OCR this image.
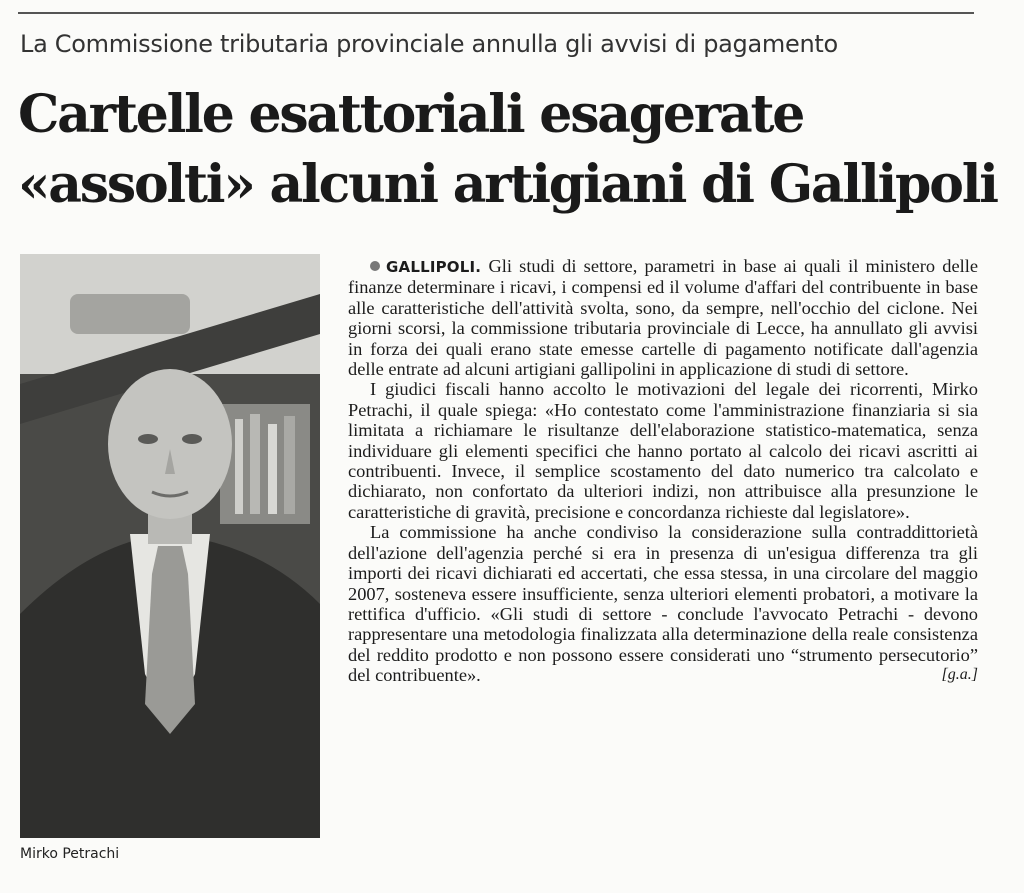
La Commissione tributaria provinciale annulla gli avvisi di pagamento
Cartelle esattoriali esagerate
«assolti» alcuni artigiani di Gallipoli
Mirko Petrachi

GALLIPOLI. Gli studi di settore, parametri in base ai quali il ministero delle finanze determinare i ricavi, i compensi ed il volume d'affari del contribuente in base alle caratteristiche dell'attività svolta, sono, da sempre, nell'occhio del ciclone. Nei giorni scorsi, la commissione tributaria provinciale di Lecce, ha annullato gli avvisi in forza dei quali erano state emesse cartelle di pagamento notificate dall'agenzia delle entrate ad alcuni artigiani gallipolini in applicazione di studi di settore.

I giudici fiscali hanno accolto le motivazioni del legale dei ricorrenti, Mirko Petrachi, il quale spiega: «Ho contestato come l'amministrazione finanziaria si sia limitata a richiamare le risultanze dell'elaborazione statistico-matematica, senza individuare gli elementi specifici che hanno portato al calcolo dei ricavi ascritti ai contribuenti. Invece, il semplice scostamento del dato numerico tra calcolato e dichiarato, non confortato da ulteriori indizi, non attribuisce alla presunzione le caratteristiche di gravità, precisione e concordanza richieste dal legislatore».

La commissione ha anche condiviso la considerazione sulla contraddittorietà dell'azione dell'agenzia perché si era in presenza di un'esigua differenza tra gli importi dei ricavi dichiarati ed accertati, che essa stessa, in una circolare del maggio 2007, sosteneva essere insufficiente, senza ulteriori elementi probatori, a motivare la rettifica d'ufficio. «Gli studi di settore - conclude l'avvocato Petrachi - devono rappresentare una metodologia finalizzata alla determinazione della reale consistenza del reddito prodotto e non possono essere considerati uno “strumento persecutorio” del contribuente».	[g.a.]
